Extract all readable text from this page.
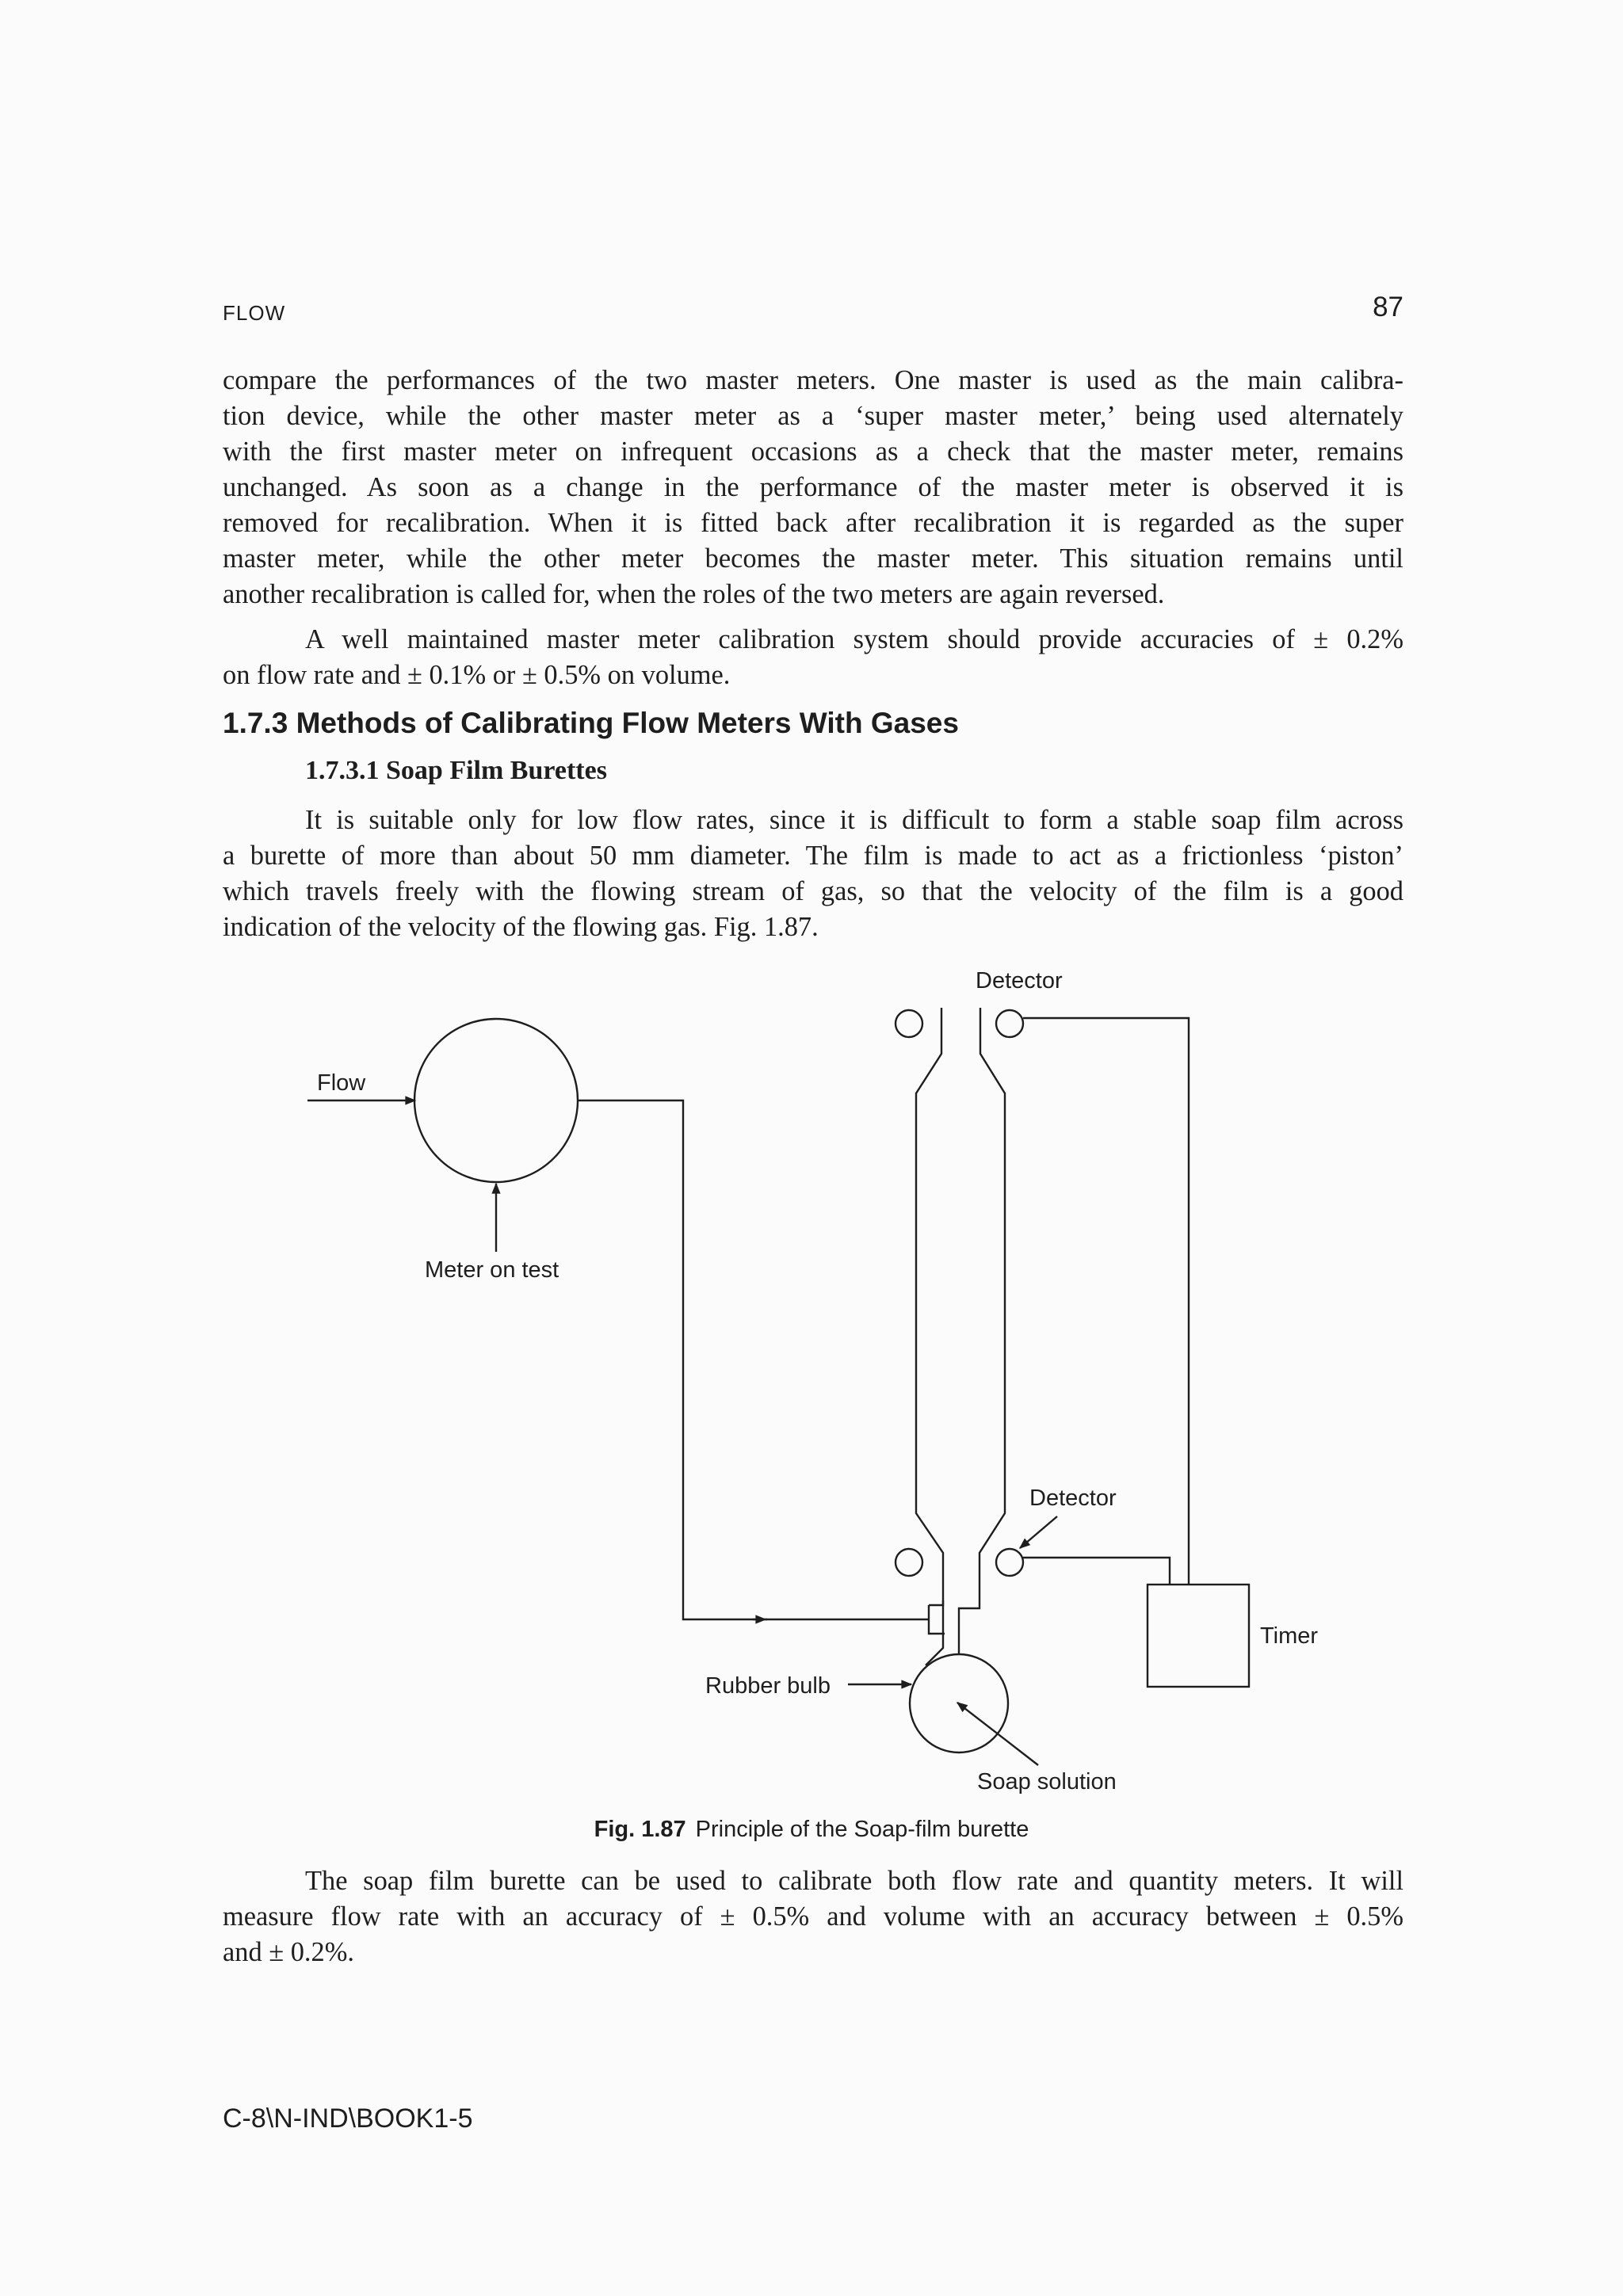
FLOW	87
compare the performances of the two master meters. One master is used as the main calibra-
tion device, while the other master meter as a ‘super master meter,’ being used alternately
with the first master meter on infrequent occasions as a check that the master meter, remains
unchanged. As soon as a change in the performance of the master meter is observed it is
removed for recalibration. When it is fitted back after recalibration it is regarded as the super
master meter, while the other meter becomes the master meter. This situation remains until
another recalibration is called for, when the roles of the two meters are again reversed.
A well maintained master meter calibration system should provide accuracies of ± 0.2%
on flow rate and ± 0.1% or ± 0.5% on volume.
1.7.3 Methods of Calibrating Flow Meters With Gases
1.7.3.1 Soap Film Burettes
It is suitable only for low flow rates, since it is difficult to form a stable soap film across
a burette of more than about 50 mm diameter. The film is made to act as a frictionless ‘piston’
which travels freely with the flowing stream of gas, so that the velocity of the film is a good
indication of the velocity of the flowing gas. Fig. 1.87.
Detector
Flow
Meter on test
Detector
Timer
Rubber bulb
Soap solution
Fig. 1.87 Principle of the Soap-film burette
The soap film burette can be used to calibrate both flow rate and quantity meters. It will
measure flow rate with an accuracy of ± 0.5% and volume with an accuracy between ± 0.5%
and ± 0.2%.
C-8\N-IND\BOOK1-5
